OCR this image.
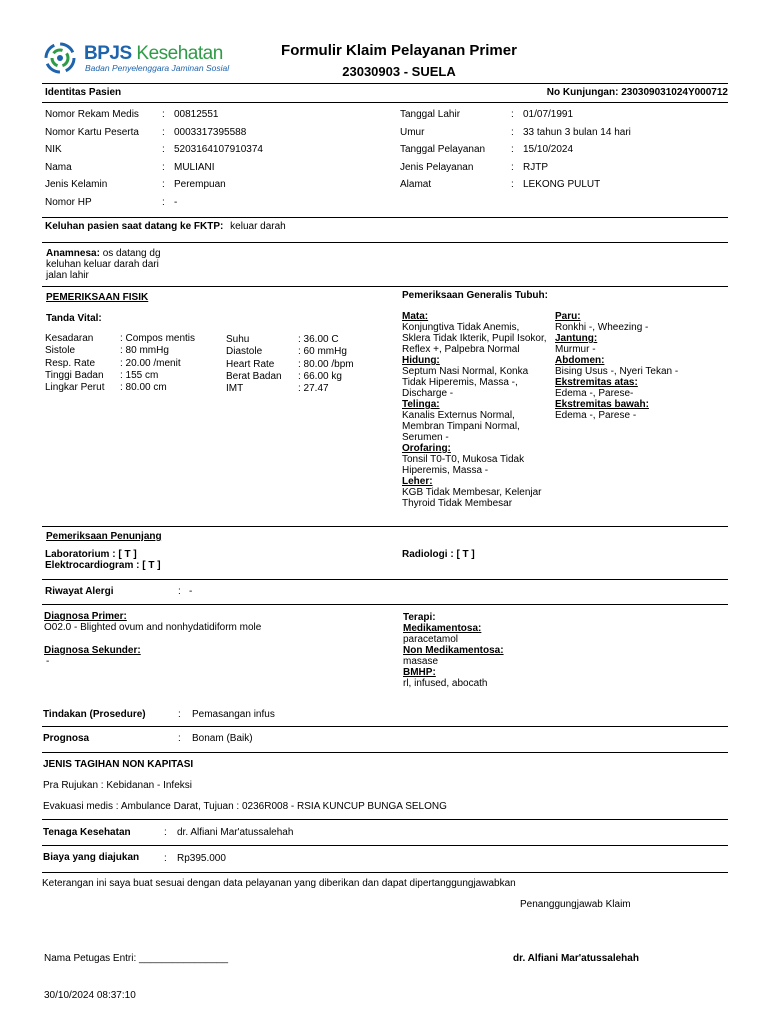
BPJS Kesehatan
Badan Penyelenggara Jaminan Sosial
Formulir Klaim Pelayanan Primer
23030903 - SUELA
Identitas Pasien	No Kunjungan: 230309031024Y000712
Nomor Rekam Medis : 00812551
Nomor Kartu Peserta : 0003317395588
NIK	: 5203164107910374
Nama	: MULIANI
Jenis Kelamin	: Perempuan
Nomor HP	: -
Tanggal Lahir	: 01/07/1991
Umur	: 33 tahun 3 bulan 14 hari
Tanggal Pelayanan	: 15/10/2024
Jenis Pelayanan	: RJTP
Alamat	: LEKONG PULUT
Keluhan pasien saat datang ke FKTP: keluar darah
Anamnesa: os datang dg keluhan keluar darah dari jalan lahir
PEMERIKSAAN FISIK	Pemeriksaan Generalis Tubuh:
Tanda Vital:
Kesadaran	: Compos mentis
Sistole	: 80 mmHg
Resp. Rate : 20.00 /menit
Tinggi Badan : 155 cm
Lingkar Perut : 80.00 cm
Suhu	: 36.00 C
Diastole	: 60 mmHg
Heart Rate : 80.00 /bpm
Berat Badan : 66.00 kg
IMT	: 27.47
Mata:
Konjungtiva Tidak Anemis, Sklera Tidak Ikterik, Pupil Isokor, Reflex +, Palpebra Normal
Hidung:
Septum Nasi Normal, Konka Tidak Hiperemis, Massa -, Discharge -
Telinga:
Kanalis Externus Normal, Membran Timpani Normal, Serumen -
Orofaring:
Tonsil T0-T0, Mukosa Tidak Hiperemis, Massa -
Leher:
KGB Tidak Membesar, Kelenjar Thyroid Tidak Membesar
Paru:
Ronkhi -, Wheezing -
Jantung:
Murmur -
Abdomen:
Bising Usus -, Nyeri Tekan -
Ekstremitas atas:
Edema -, Parese-
Ekstremitas bawah:
Edema -, Parese -
Pemeriksaan Penunjang
Laboratorium : [ T ]
Elektrocardiogram : [ T ]
Radiologi : [ T ]
Riwayat Alergi	: -
Diagnosa Primer:
O02.0 - Blighted ovum and nonhydatidiform mole
Diagnosa Sekunder:
-
Terapi:
Medikamentosa:
paracetamol
Non Medikamentosa:
masase
BMHP:
rl, infused, abocath
Tindakan (Prosedure)	: Pemasangan infus
Prognosa	: Bonam (Baik)
JENIS TAGIHAN NON KAPITASI
Pra Rujukan : Kebidanan - Infeksi
Evakuasi medis : Ambulance Darat, Tujuan : 0236R008 - RSIA KUNCUP BUNGA SELONG
Tenaga Kesehatan	: dr. Alfiani Mar'atussalehah
Biaya yang diajukan : Rp395.000
Keterangan ini saya buat sesuai dengan data pelayanan yang diberikan dan dapat dipertanggungjawabkan
Penanggungjawab Klaim
Nama Petugas Entri: ________________	dr. Alfiani Mar'atussalehah
30/10/2024 08:37:10
